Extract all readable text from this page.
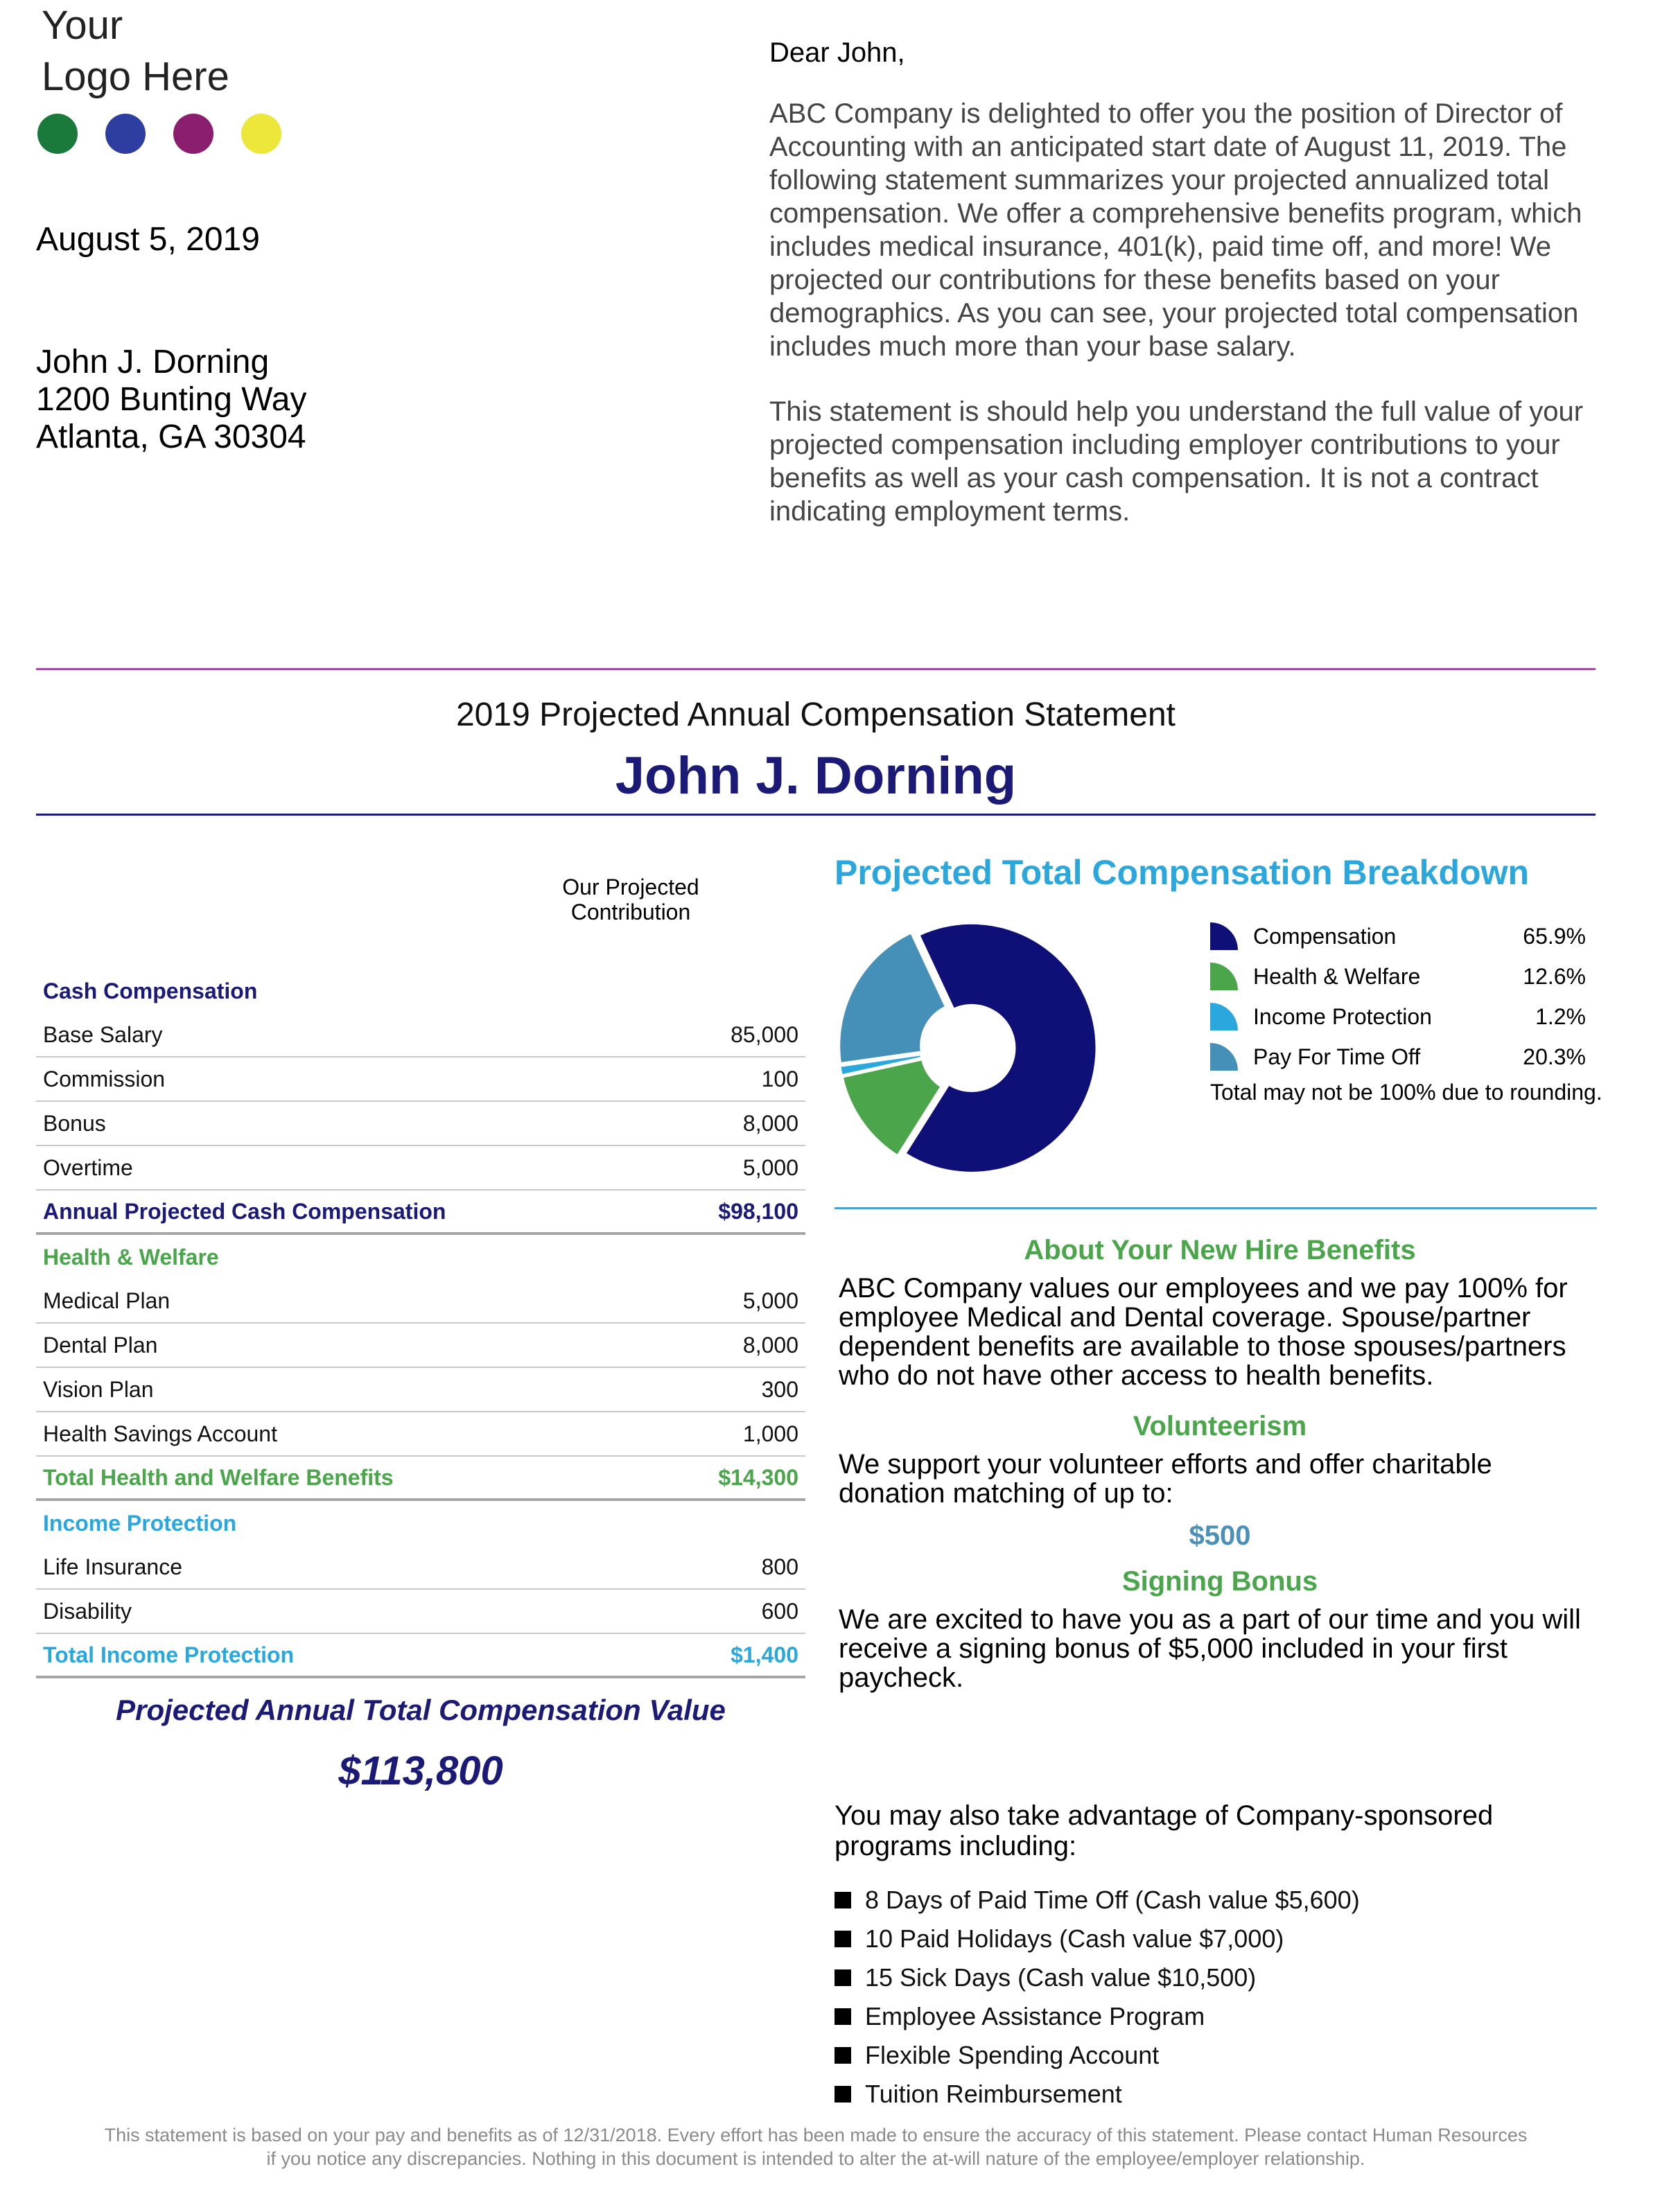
Your
Logo Here
August 5, 2019
John J. Dorning
1200 Bunting Way
Atlanta, GA 30304
Dear John,

ABC Company is delighted to offer you the position of Director of Accounting with an anticipated start date of August 11, 2019. The following statement summarizes your projected annualized total compensation. We offer a comprehensive benefits program, which includes medical insurance, 401(k), paid time off, and more! We projected our contributions for these benefits based on your demographics. As you can see, your projected total compensation includes much more than your base salary.

This statement is should help you understand the full value of your projected compensation including employer contributions to your benefits as well as your cash compensation. It is not a contract indicating employment terms.

2019 Projected Annual Compensation Statement
John J. Dorning
Our Projected Contribution
Cash Compensation
Base Salary	85,000
Commission	100
Bonus	8,000
Overtime	5,000
Annual Projected Cash Compensation	$98,100
Health & Welfare
Medical Plan	5,000
Dental Plan	8,000
Vision Plan	300
Health Savings Account	1,000
Total Health and Welfare Benefits	$14,300
Income Protection
Life Insurance	800
Disability	600
Total Income Protection	$1,400
Projected Annual Total Compensation Value
$113,800
Projected Total Compensation Breakdown
Compensation	65.9%
Health & Welfare	12.6%
Income Protection	1.2%
Pay For Time Off	20.3%
Total may not be 100% due to rounding.
About Your New Hire Benefits
ABC Company values our employees and we pay 100% for employee Medical and Dental coverage. Spouse/partner dependent benefits are available to those spouses/partners who do not have other access to health benefits.
Volunteerism
We support your volunteer efforts and offer charitable donation matching of up to:
$500
Signing Bonus
We are excited to have you as a part of our time and you will receive a signing bonus of $5,000 included in your first paycheck.

You may also take advantage of Company-sponsored programs including:

8 Days of Paid Time Off (Cash value $5,600)
10 Paid Holidays (Cash value $7,000)
15 Sick Days (Cash value $10,500)
Employee Assistance Program
Flexible Spending Account
Tuition Reimbursement
This statement is based on your pay and benefits as of 12/31/2018. Every effort has been made to ensure the accuracy of this statement. Please contact Human Resources
if you notice any discrepancies. Nothing in this document is intended to alter the at-will nature of the employee/employer relationship.
